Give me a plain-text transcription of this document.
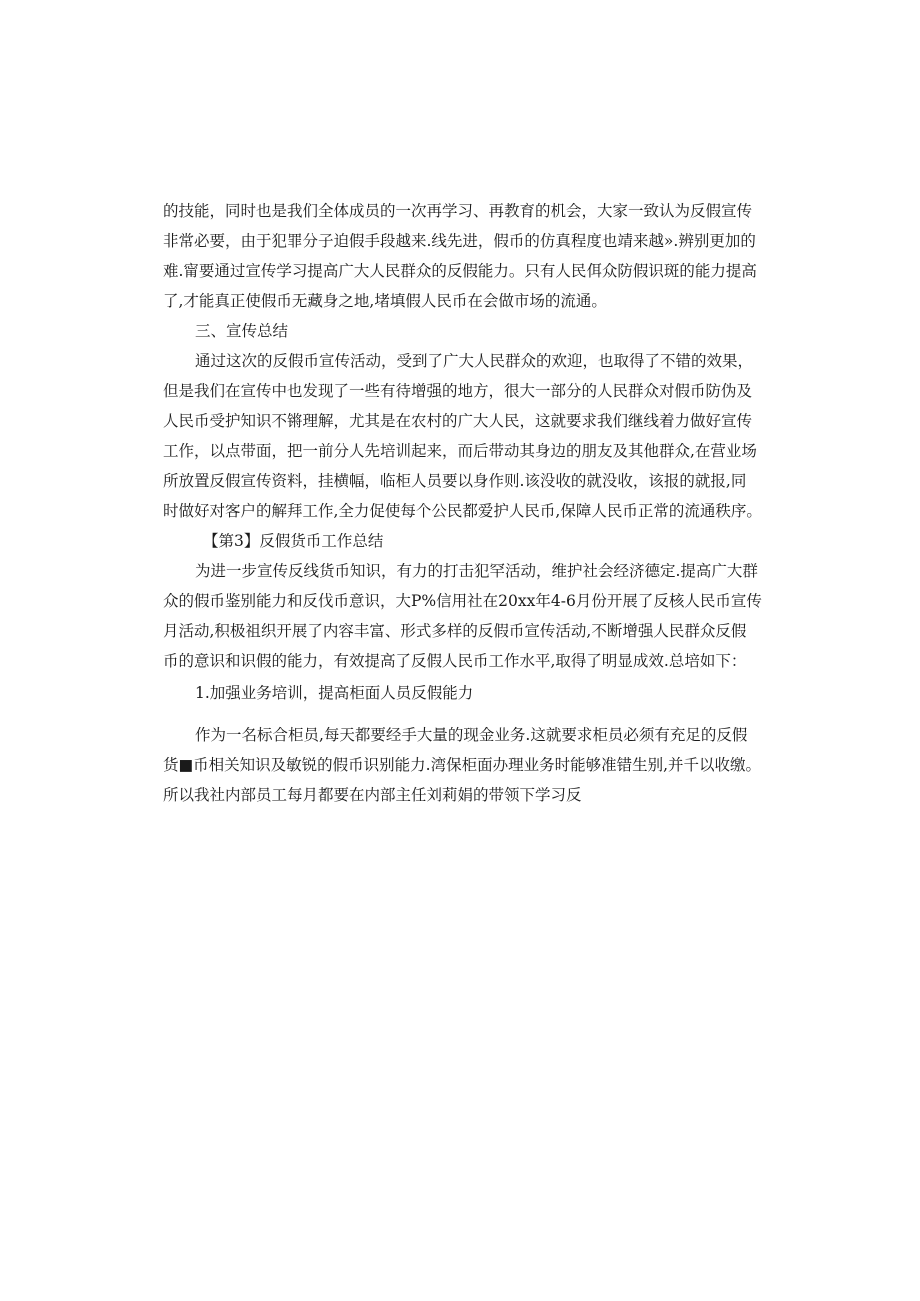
的技能，同时也是我们全体成员的一次再学习、再教育的机会，大家一致认为反假宣传
非常必要，由于犯罪分子迫假手段越来.线先进，假币的仿真程度也靖来越».辨别更加的
难.甯要通过宣传学习提高广大人民群众的反假能力。只有人民佴众防假识斑的能力提高
了,才能真正使假币无藏身之地,堵填假人民币在会做市场的流通。
三、宣传总结
通过这次的反假币宣传活动，受到了广大人民群众的欢迎，也取得了不错的效果，
但是我们在宣传中也发现了一些有待增强的地方，很大一部分的人民群众对假币防伪及
人民币受护知识不锵理解，尤其是在农村的广大人民，这就要求我们继线着力做好宣传
工作，以点带面，把一前分人先培训起来，而后带动其身边的朋友及其他群众,在营业场
所放置反假宣传资料，挂横幅，临柜人员要以身作则.该没收的就没收，该报的就报,同
时做好对客户的解拜工作,全力促使每个公民都爱护人民币,保障人民币正常的流通秩序。
【第3】反假货币工作总结
为进一步宣传反线货币知识，有力的打击犯罕活动，维护社会经济德定.提高广大群
众的假币鉴别能力和反伐币意识，大P%信用社在20xx年4-6月份开展了反核人民币宣传
月活动,积极祖织开展了内容丰富、形式多样的反假币宣传活动,不断增强人民群众反假
币的意识和识假的能力，有效提高了反假人民币工作水平,取得了明显成效.总培如下：
1.加强业务培训，提高柜面人员反假能力
作为一名标合柜员,每天都要经手大量的现金业务.这就要求柜员必须有充足的反假
货■币相关知识及敏锐的假币识别能力.湾保柜面办理业务时能够准错生别,并千以收缴。
所以我社内部员工每月都要在内部主任刘莉娟的带领下学习反
